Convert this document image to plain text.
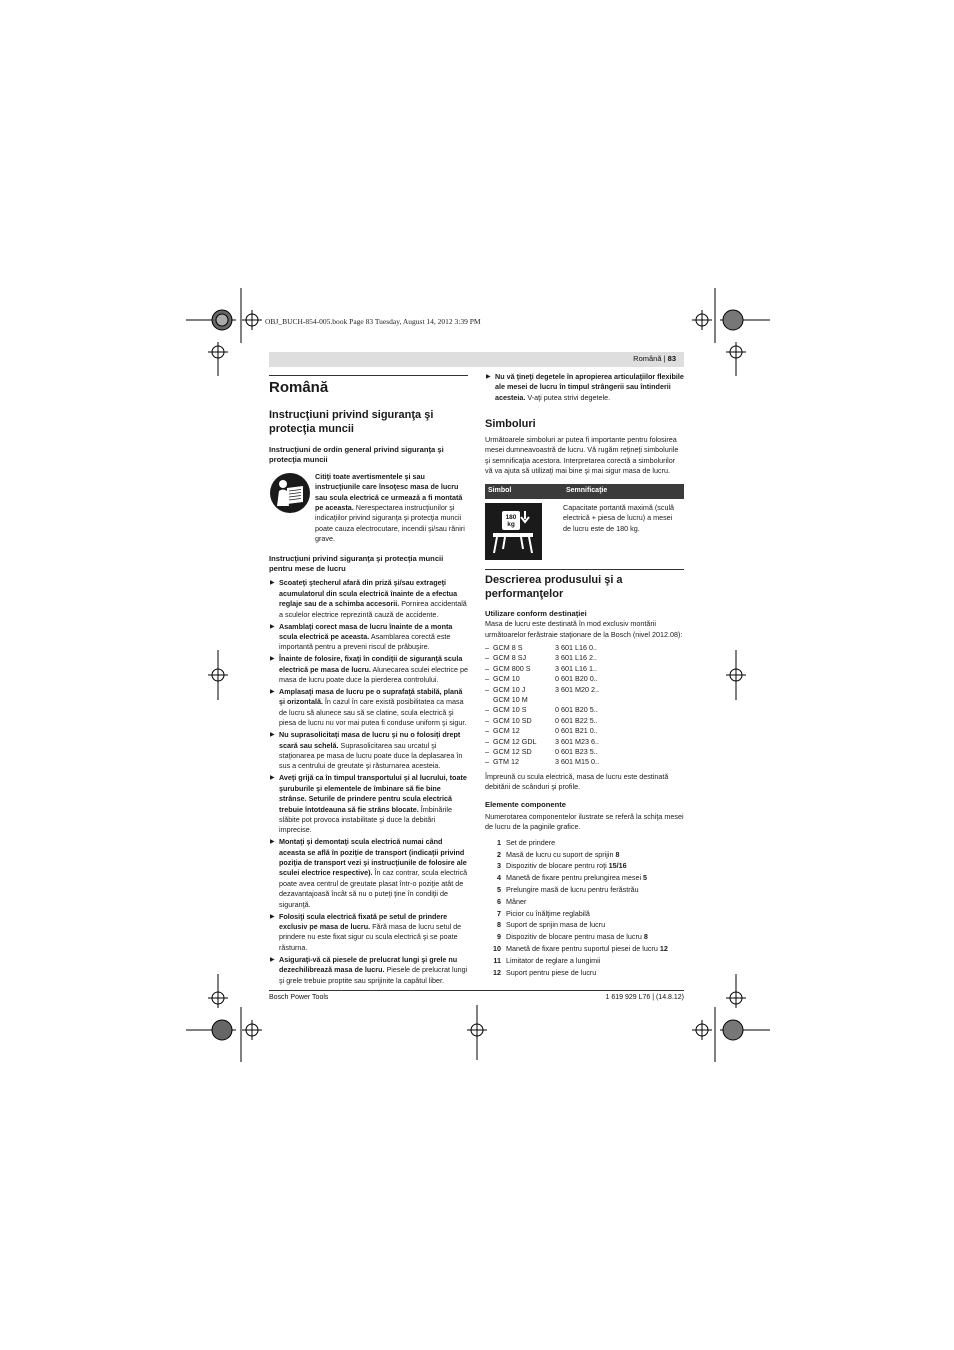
OBJ_BUCH-854-005.book Page 83 Tuesday, August 14, 2012 3:39 PM
Română | 83
Română
Instrucţiuni privind siguranţa şi protecţia muncii
Instrucţiuni de ordin general privind siguranţa şi protecţia muncii

Citiţi toate avertismentele şi sau instrucţiunile care însoţesc masa de lucru sau scula electrică ce urmează a fi montată pe aceasta. Nerespectarea instrucţiunilor şi indicaţiilor privind siguranţa şi protecţia muncii poate cauza electrocutare, incendii şi/sau răniri grave.

Instrucţiuni privind siguranţa şi protecţia muncii pentru mese de lucru
▶ Scoateţi ştecherul afară din priză şi/sau extrageţi acumulatorul din scula electrică înainte de a efectua reglaje sau de a schimba accesorii. Pornirea accidentală a sculelor electrice reprezintă cauză de accidente.
▶ Asamblaţi corect masa de lucru înainte de a monta scula electrică pe aceasta. Asamblarea corectă este importantă pentru a preveni riscul de prăbuşire.
▶ Înainte de folosire, fixaţi în condiţii de siguranţă scula electrică pe masa de lucru. Alunecarea sculei electrice pe masa de lucru poate duce la pierderea controlului.
▶ Amplasaţi masa de lucru pe o suprafaţă stabilă, plană şi orizontală. În cazul în care există posibilitatea ca masa de lucru să alunece sau să se clatine, scula electrică şi piesa de lucru nu vor mai putea fi conduse uniform şi sigur.
▶ Nu suprasolicitaţi masa de lucru şi nu o folosiţi drept scară sau schelă. Suprasolicitarea sau urcatul şi staţionarea pe masa de lucru poate duce la deplasarea în sus a centrului de greutate şi răsturnarea acesteia.
▶ Aveţi grijă ca în timpul transportului şi al lucrului, toate şuruburile şi elementele de îmbinare să fie bine strânse. Seturile de prindere pentru scula electrică trebuie întotdeauna să fie strâns blocate. Îmbinările slăbite pot provoca instabilitate şi duce la debitări imprecise.
▶ Montaţi şi demontaţi scula electrică numai când aceasta se află în poziţie de transport (indicaţii privind poziţia de transport vezi şi instrucţiunile de folosire ale sculei electrice respective). În caz contrar, scula electrică poate avea centrul de greutate plasat într-o poziţie atât de dezavantajoasă încât să nu o puteţi ţine în condiţii de siguranţă.
▶ Folosiţi scula electrică fixată pe setul de prindere exclusiv pe masa de lucru. Fără masa de lucru setul de prindere nu este fixat sigur cu scula electrică şi se poate răsturna.
▶ Asiguraţi-vă că piesele de prelucrat lungi şi grele nu dezechilibrează masa de lucru. Piesele de prelucrat lungi şi grele trebuie proptite sau sprijinite la capătul liber.
▶ Nu vă ţineţi degetele în apropierea articulaţiilor flexibile ale mesei de lucru în timpul strângerii sau întinderii acesteia. V-aţi putea strivi degetele.
Simboluri

Următoarele simboluri ar putea fi importante pentru folosirea mesei dumneavoastră de lucru. Vă rugăm reţineţi simbolurile şi semnificaţia acestora. Interpretarea corectă a simbolurilor vă va ajuta să utilizaţi mai bine şi mai sigur masa de lucru.

Simbol	Semnificaţie

180
kg	Capacitate portantă maximă (sculă electrică + piesa de lucru) a mesei de lucru este de 180 kg.
Descrierea produsului şi a performanţelor
Utilizare conform destinaţiei

Masa de lucru este destinată în mod exclusiv montării următoarelor ferăstraie staţionare de la Bosch (nivel 2012.08):

– GCM 8 S	3 601 L16 0..
– GCM 8 SJ	3 601 L16 2..
– GCM 800 S	3 601 L16 1..
– GCM 10	0 601 B20 0..
– GCM 10 J	3 601 M20 2..
GCM 10 M
– GCM 10 S	0 601 B20 5..
– GCM 10 SD	0 601 B22 5..
– GCM 12	0 601 B21 0..
– GCM 12 GDL	3 601 M23 6..
– GCM 12 SD	0 601 B23 5..
– GTM 12	3 601 M15 0..

Împreună cu scula electrică, masa de lucru este destinată debitării de scânduri şi profile.

Elemente componente

Numerotarea componentelor ilustrate se referă la schiţa mesei de lucru de la paginile grafice.

1 Set de prindere
2 Masă de lucru cu suport de sprijin 8
3 Dispozitiv de blocare pentru roţi 15/16
4 Manetă de fixare pentru prelungirea mesei 5
5 Prelungire masă de lucru pentru ferăstrău
6 Mâner
7 Picior cu înălţime reglabilă
8 Suport de sprijin masa de lucru
9 Dispozitiv de blocare pentru masa de lucru 8
10 Manetă de fixare pentru suportul piesei de lucru 12
11 Limitator de reglare a lungimii
12 Suport pentru piese de lucru
Bosch Power Tools	1 619 929 L76 | (14.8.12)
